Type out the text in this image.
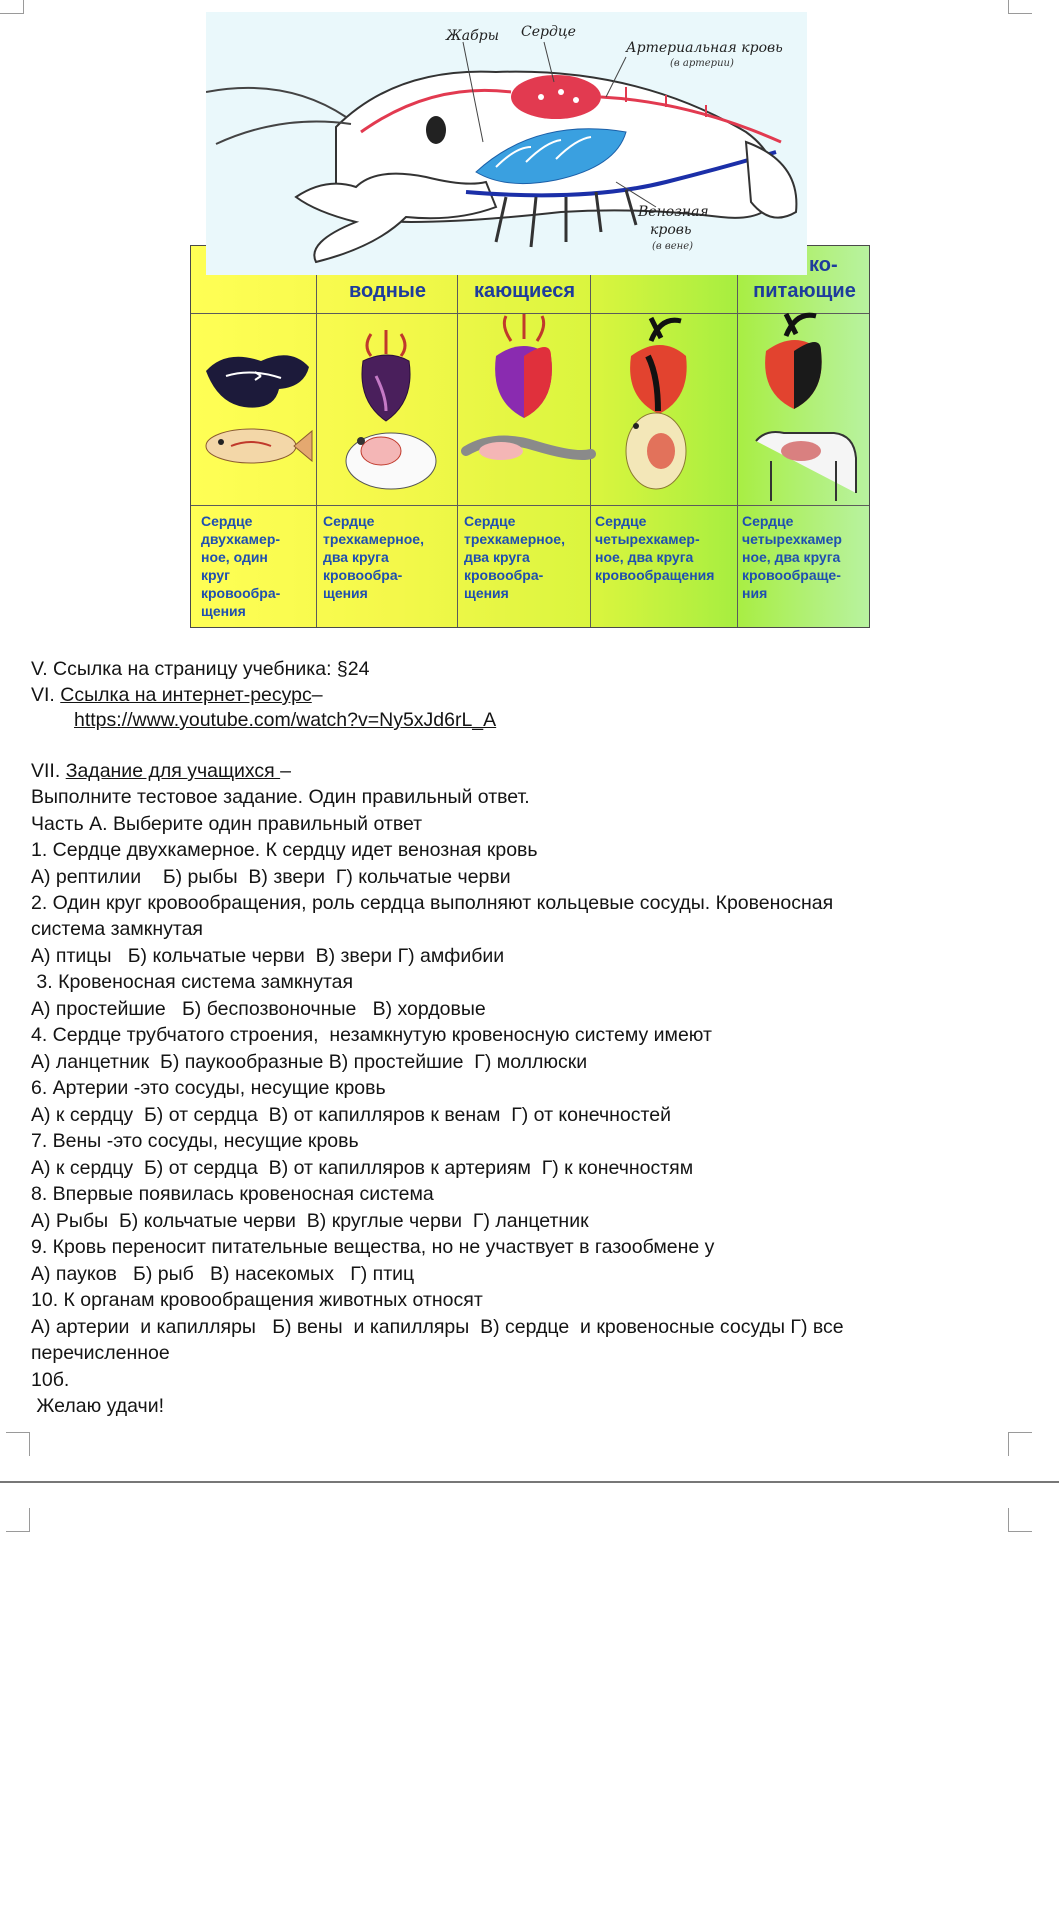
ко-
водные	кающиеся	питающие
Сердце
двухкамер-
ное, один
круг
кровообра-
щения
Сердце
трехкамерное,
два круга
кровообра-
щения
Сердце
трехкамерное,
два круга
кровообра-
щения
Сердце
четырехкамер-
ное, два круга
кровообращения
Сердце
четырехкамер
ное, два круга
кровообраще-
ния
Жабры Сердце
Артериальная кровь
(в артерии)
Венозная
кровь
(в вене)
V. Ссылка на страницу учебника: §24
VI. Ссылка на интернет-ресурс–
https://www.youtube.com/watch?v=Ny5xJd6rL_A
VII. Задание для учащихся –
Выполните тестовое задание. Один правильный ответ.
Часть А. Выберите один правильный ответ
1. Сердце двухкамерное. К сердцу идет венозная кровь
А) рептилии    Б) рыбы  В) звери  Г) кольчатые черви
2. Один круг кровообращения, роль сердца выполняют кольцевые сосуды. Кровеносная
система замкнутая
А) птицы   Б) кольчатые черви  В) звери Г) амфибии
3. Кровеносная система замкнутая
А) простейшие   Б) беспозвоночные   В) хордовые
4. Сердце трубчатого строения,  незамкнутую кровеносную систему имеют
А) ланцетник  Б) паукообразные В) простейшие  Г) моллюски
6. Артерии -это сосуды, несущие кровь
А) к сердцу  Б) от сердца  В) от капилляров к венам  Г) от конечностей
7. Вены -это сосуды, несущие кровь
А) к сердцу  Б) от сердца  В) от капилляров к артериям  Г) к конечностям
8. Впервые появилась кровеносная система
А) Рыбы  Б) кольчатые черви  В) круглые черви  Г) ланцетник
9. Кровь переносит питательные вещества, но не участвует в газообмене у
А) пауков   Б) рыб   В) насекомых   Г) птиц
10. К органам кровообращения животных относят
А) артерии  и капилляры   Б) вены  и капилляры  В) сердце  и кровеносные сосуды Г) все
перечисленное
10б.
Желаю удачи!
